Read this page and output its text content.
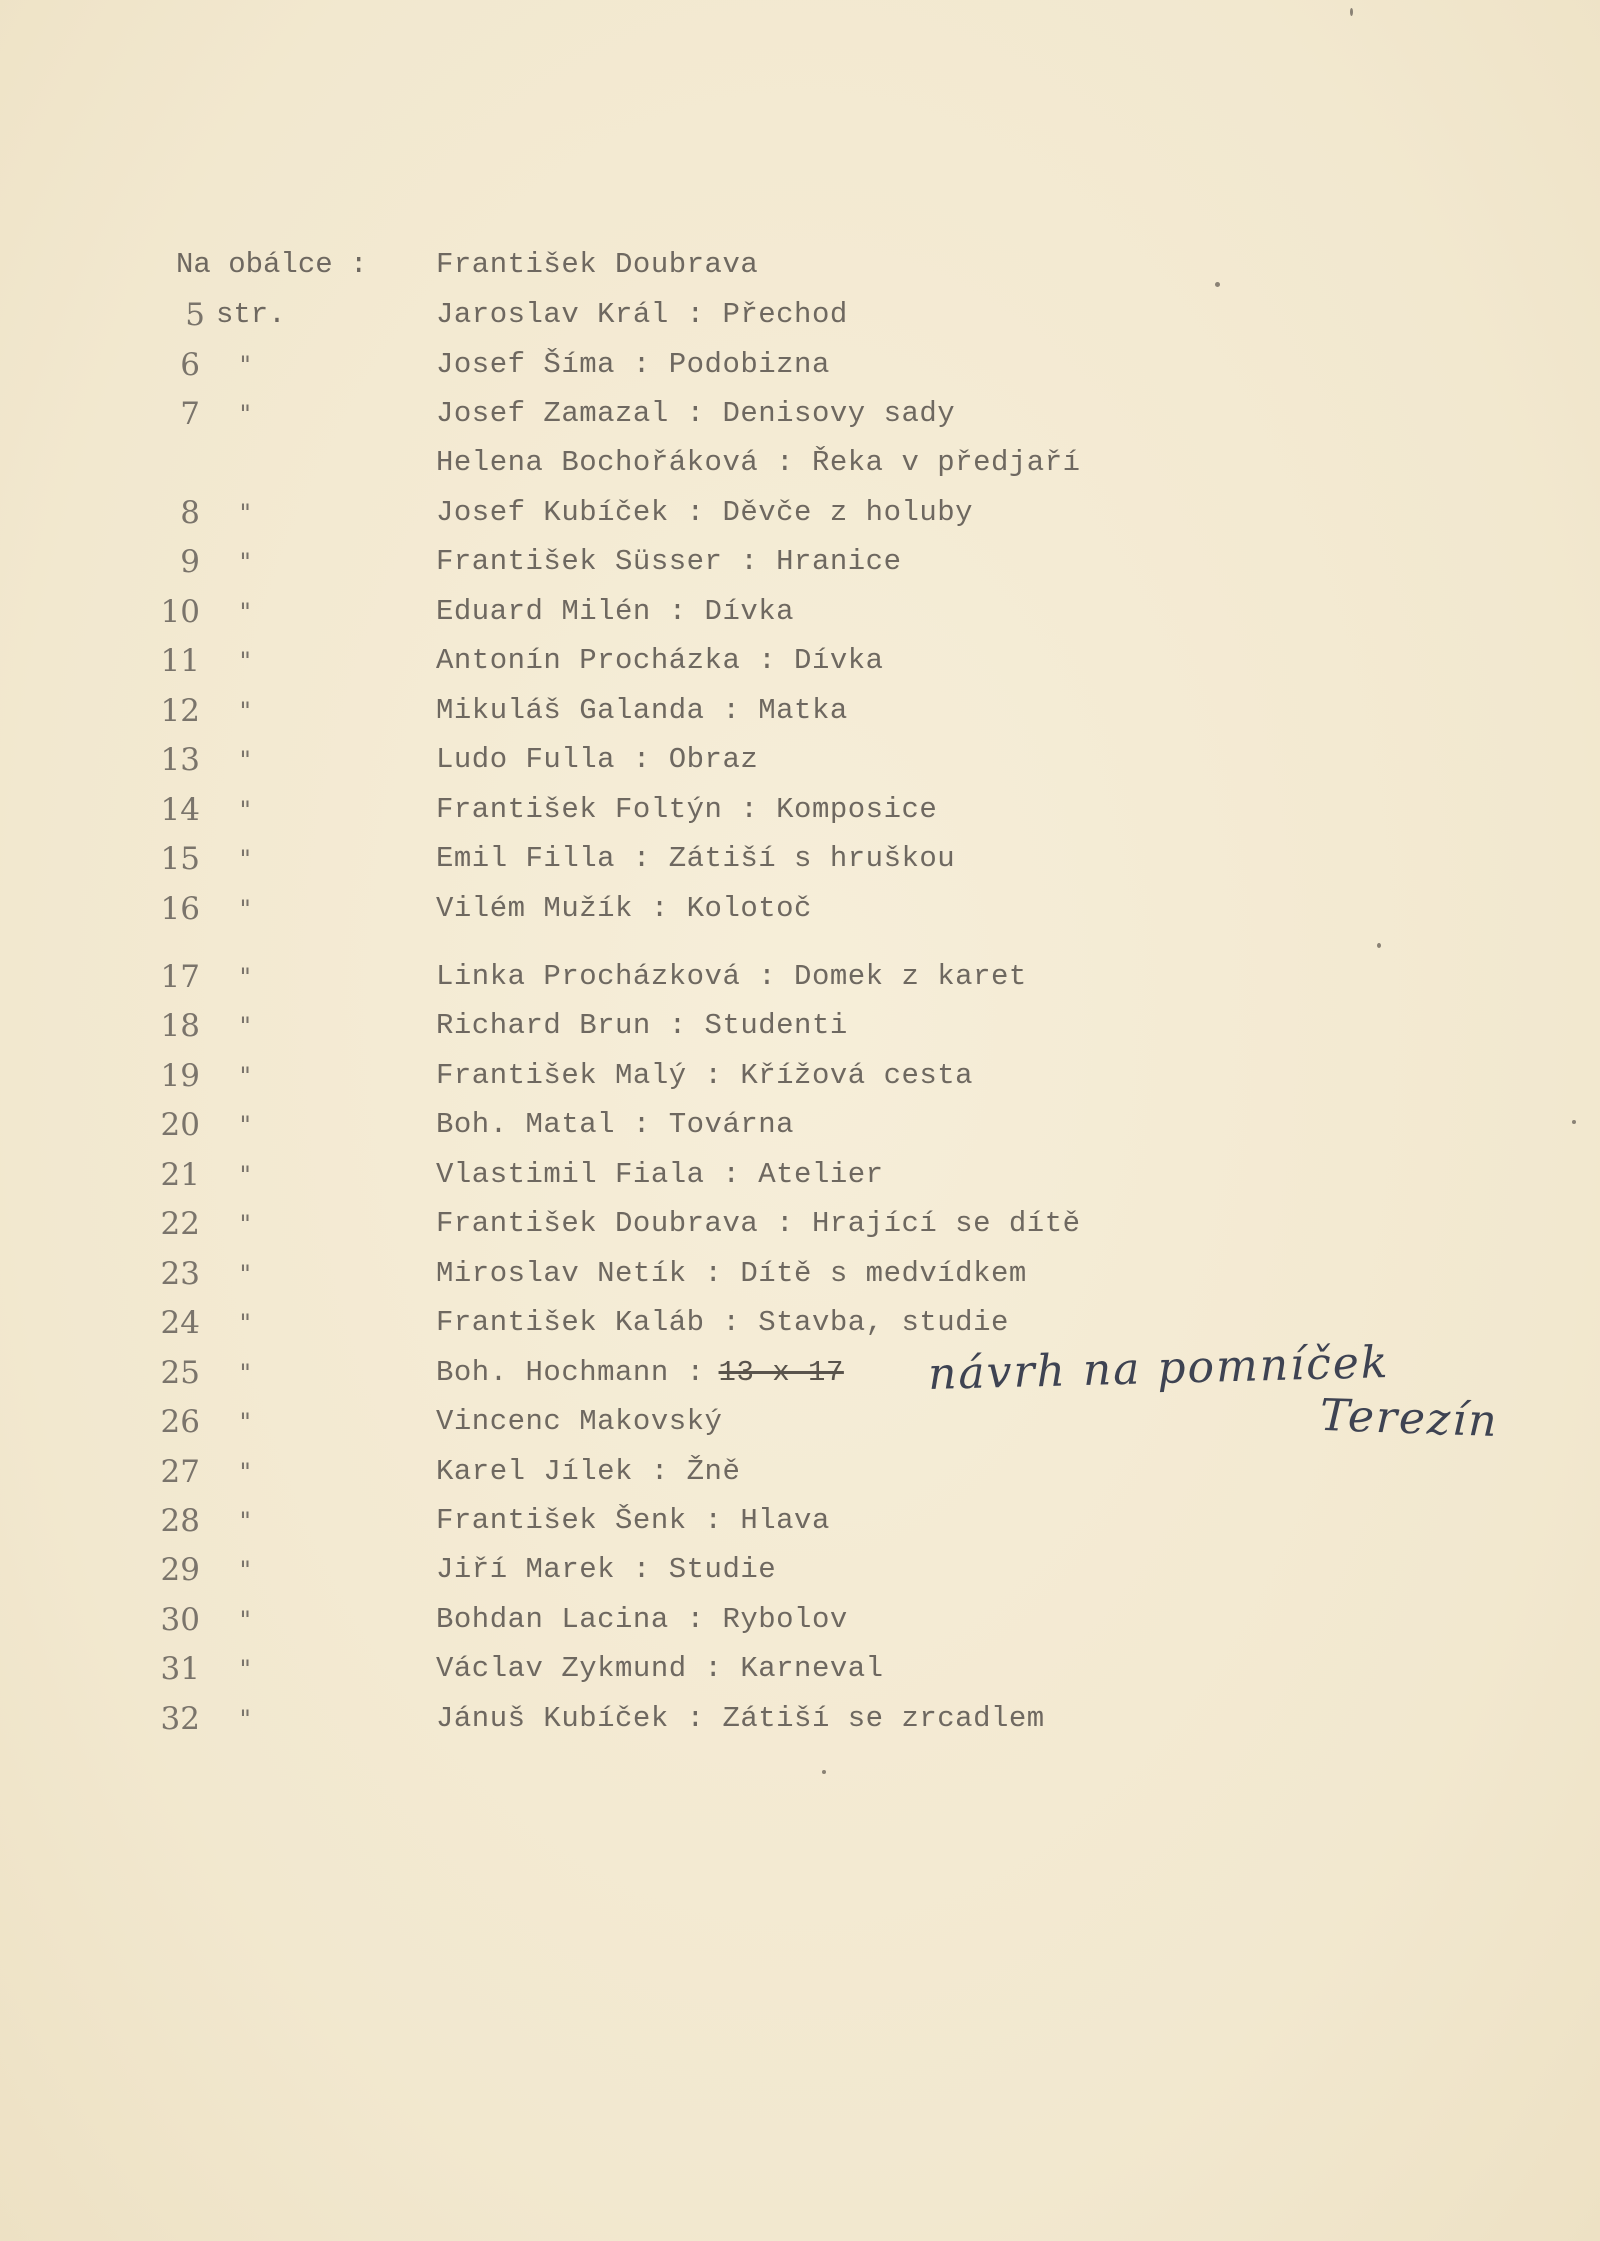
Na obálce : František Doubrava
5 str.	Jaroslav Král : Přechod
6 "	Josef Šíma : Podobizna
7 "	Josef Zamazal : Denisovy sady
Helena Bochořáková : Řeka v předjaří
8 "	Josef Kubíček : Děvče z holuby
9 "	František Süsser : Hranice
10 "	Eduard Milén : Dívka
11 "	Antonín Procházka : Dívka
12 "	Mikuláš Galanda : Matka
13 "	Ludo Fulla : Obraz
14 "	František Foltýn : Komposice
15 "	Emil Filla : Zátiší s hruškou
16 "	Vilém Mužík : Kolotoč
17 "	Linka Procházková : Domek z karet
18 "	Richard Brun : Studenti
19 "	František Malý : Křížová cesta
20 "	Boh. Matal : Továrna
21 "	Vlastimil Fiala : Atelier
22 "	František Doubrava : Hrající se dítě
23 "	Miroslav Netík : Dítě s medvídkem
24 "	František Kaláb : Stavba, studie
25 "	Boh. Hochmann : 13 x 17
26 "	Vincenc Makovský
27 "	Karel Jílek : Žně
28 "	František Šenk : Hlava
29 "	Jiří Marek : Studie
30 "	Bohdan Lacina : Rybolov
31 "	Václav Zykmund : Karneval
32 "	Jánuš Kubíček : Zátiší se zrcadlem
návrh na pomníček
Terezín
